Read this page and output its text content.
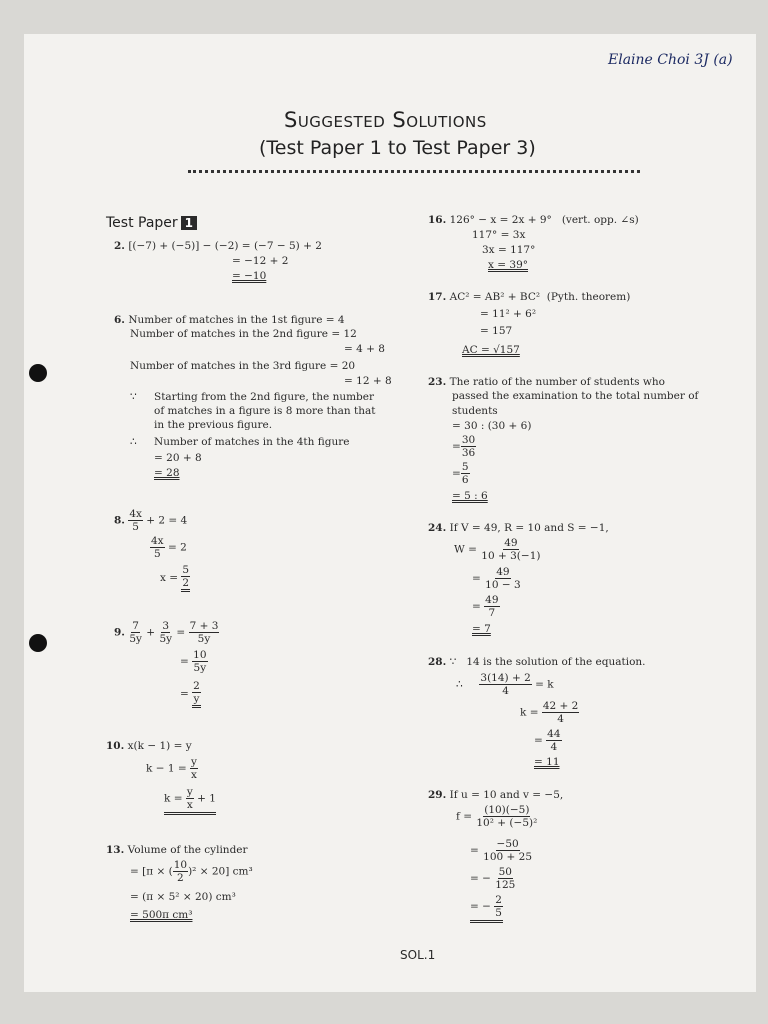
Elaine Choi 3J (a)
Suggested Solutions
(Test Paper 1 to Test Paper 3)
Test Paper 1
2. [(−7) + (−5)] − (−2) = (−7 − 5) + 2
= −12 + 2
= −10
6. Number of matches in the 1st figure = 4
Number of matches in the 2nd figure = 12
= 4 + 8
Number of matches in the 3rd figure = 20
= 12 + 8
∵ Starting from the 2nd figure, the number
of matches in a figure is 8 more than that
in the previous figure.
∴ Number of matches in the 4th figure
= 20 + 8
= 28
8. $\frac{4x}{5} + 2 = 4$
$\frac{4x}{5} = 2$
$x = \frac{5}{2}$
9. $\frac{7}{5y} + \frac{3}{5y} = \frac{7 + 3}{5y}$
= $\frac{10}{5y}$
= $\frac{2}{y}$
10. x(k − 1) = y
$k - 1 = \frac{y}{x}$
$k = \frac{y}{x} + 1$
13. Volume of the cylinder
= [π × ( $\frac{10}{2} )^2 \times 20$] cm³
= (π × 5² × 20) cm³
= 500π cm³
16. 126° − x = 2x + 9° (vert. opp. ∠s)
117° = 3x
3x = 117°
x = 39°
17. AC² = AB² + BC² (Pyth. theorem)
= 11² + 6²
= 157
AC = √157
23. The ratio of the number of students who
passed the examination to the total number of
students
= 30 : (30 + 6)
= $\frac{30}{36}$
= $\frac{5}{6}$
= 5 : 6
24. If V = 49, R = 10 and S = −1,
$W = \frac{49}{10 + 3(-1)}$
= $\frac{49}{10 - 3}$
= $\frac{49}{7}$
= 7
28. ∵ 14 is the solution of the equation.
∴ $\frac{3(14) + 2}{4} = k$
$k = \frac{42 + 2}{4}$
= $\frac{44}{4}$
= 11
29. If u = 10 and v = −5,
$f = \frac{(10)(-5)}{\text{10² + (−5)²}}$
= $\frac{-50}{100 + 25}$
= − $\frac{50}{125}$
= − $\frac{2}{5}$
SOL.1
